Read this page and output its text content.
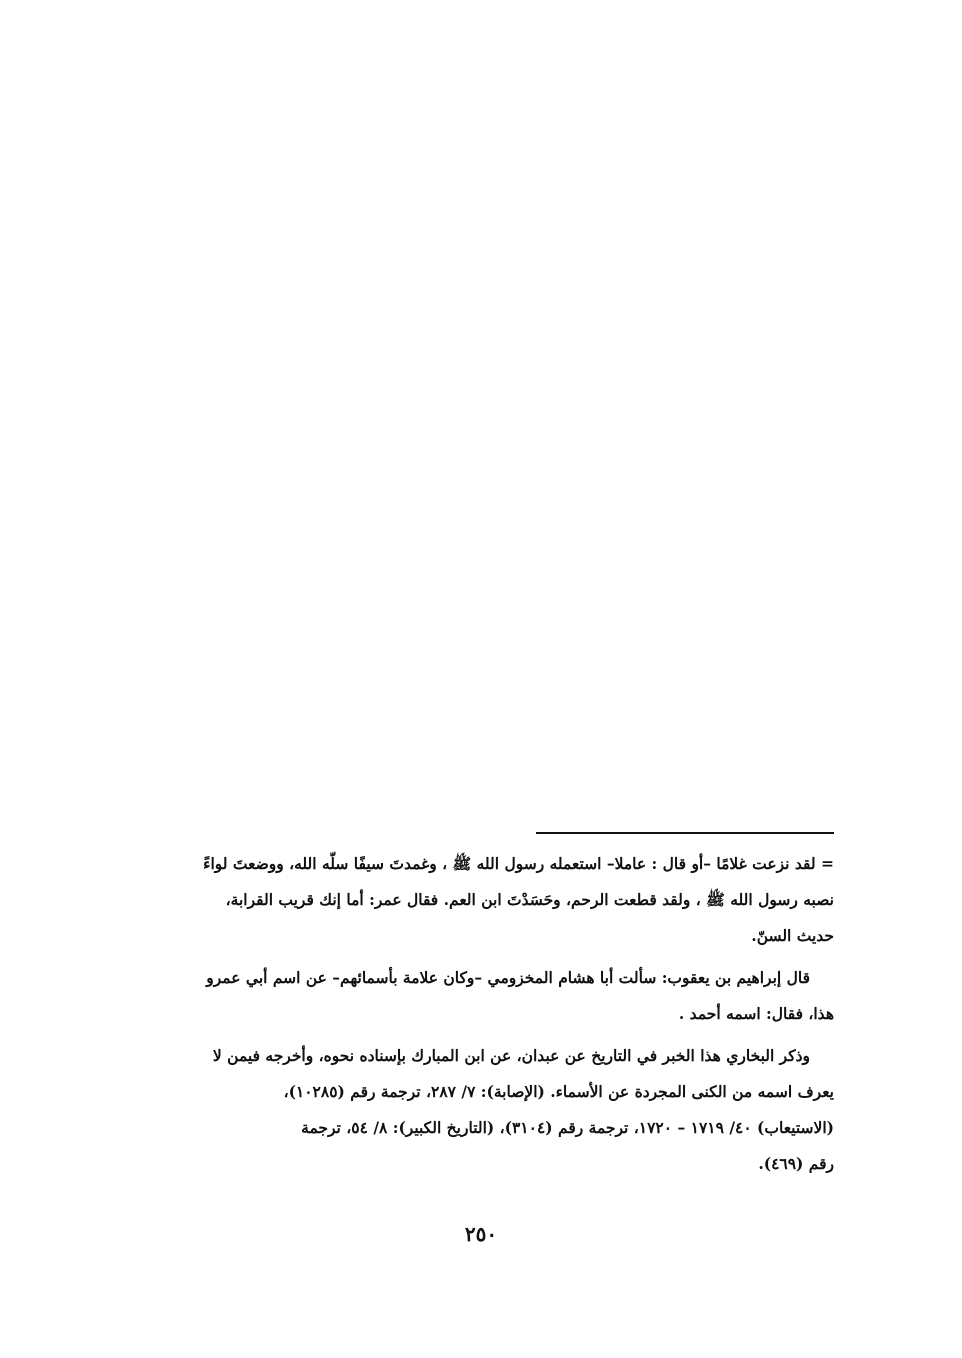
= لقد نزعت غلامًا –أو قال : عاملا– استعمله رسول الله ﷺ ، وغمدتَ سيفًا سلّه الله، ووضعتَ لواءً
نصبه رسول الله ﷺ ، ولقد قطعت الرحم، وحَسَدْتَ ابن العم. فقال عمر: أما إنك قريب القرابة،
حديث السنّ.
قال إبراهيم بن يعقوب: سألت أبا هشام المخزومي –وكان علامة بأسمائهم– عن اسم أبي عمرو
هذا، فقال: اسمه أحمد .
وذكر البخاري هذا الخبر في التاريخ عن عبدان، عن ابن المبارك بإسناده نحوه، وأخرجه فيمن لا
يعرف اسمه من الكنى المجردة عن الأسماء. (الإصابة): ٧/ ٢٨٧، ترجمة رقم (١٠٢٨٥)،
(الاستيعاب) ٤٠/ ١٧١٩ – ١٧٢٠، ترجمة رقم (٣١٠٤)، (التاريخ الكبير): ٨/ ٥٤، ترجمة
رقم (٤٦٩).
٢٥٠
